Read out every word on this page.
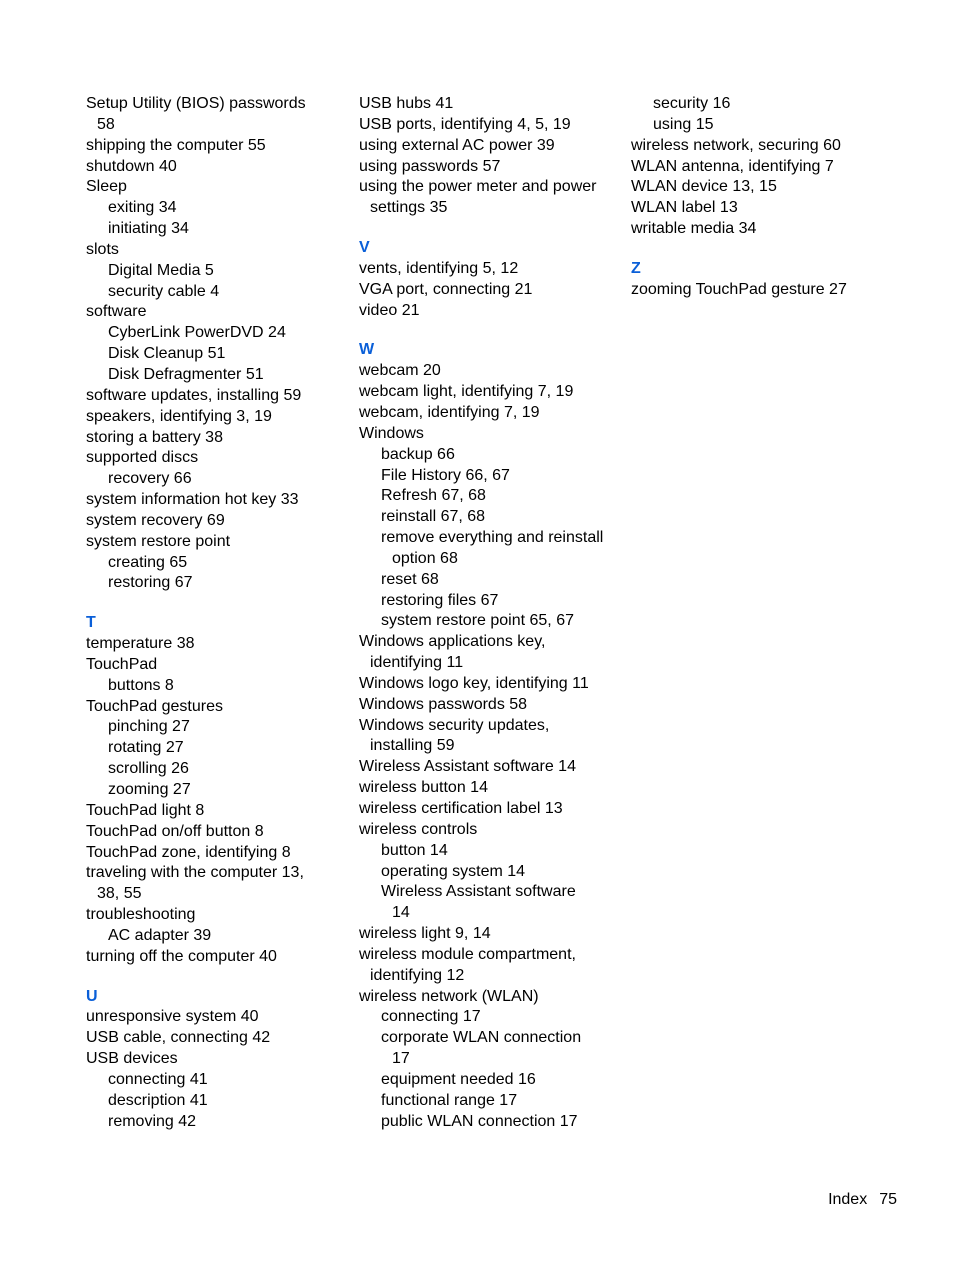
Setup Utility (BIOS) passwords

58

shipping the computer 55

shutdown 40

Sleep

exiting 34

initiating 34

slots

Digital Media 5

security cable 4

software

CyberLink PowerDVD 24

Disk Cleanup 51

Disk Defragmenter 51

software updates, installing 59

speakers, identifying 3, 19

storing a battery 38

supported discs

recovery 66

system information hot key 33

system recovery 69

system restore point

creating 65

restoring 67

T

temperature 38

TouchPad

buttons 8

TouchPad gestures

pinching 27

rotating 27

scrolling 26

zooming 27

TouchPad light 8

TouchPad on/off button 8

TouchPad zone, identifying 8

traveling with the computer 13,

38, 55

troubleshooting

AC adapter 39

turning off the computer 40

U

unresponsive system 40

USB cable, connecting 42

USB devices

connecting 41

description 41

removing 42

USB hubs 41

USB ports, identifying 4, 5, 19

using external AC power 39

using passwords 57

using the power meter and power

settings 35

V

vents, identifying 5, 12

VGA port, connecting 21

video 21

W

webcam 20

webcam light, identifying 7, 19

webcam, identifying 7, 19

Windows

backup 66

File History 66, 67

Refresh 67, 68

reinstall 67, 68

remove everything and reinstall

option 68

reset 68

restoring files 67

system restore point 65, 67

Windows applications key,

identifying 11

Windows logo key, identifying 11

Windows passwords 58

Windows security updates,

installing 59

Wireless Assistant software 14

wireless button 14

wireless certification label 13

wireless controls

button 14

operating system 14

Wireless Assistant software

14

wireless light 9, 14

wireless module compartment,

identifying 12

wireless network (WLAN)

connecting 17

corporate WLAN connection

17

equipment needed 16

functional range 17

public WLAN connection 17

security 16

using 15

wireless network, securing 60

WLAN antenna, identifying 7

WLAN device 13, 15

WLAN label 13

writable media 34

Z

zooming TouchPad gesture 27

Index 75
